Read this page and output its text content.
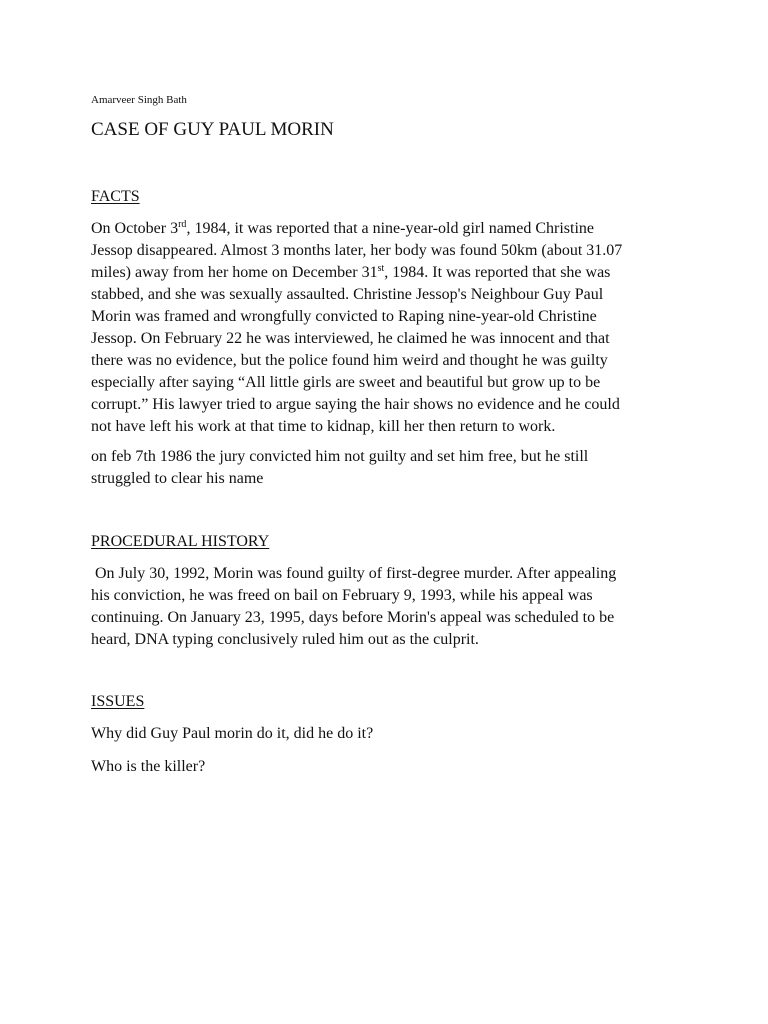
Amarveer Singh Bath
CASE OF GUY PAUL MORIN
FACTS
On October 3rd, 1984, it was reported that a nine-year-old girl named Christine
Jessop disappeared. Almost 3 months later, her body was found 50km (about 31.07
miles) away from her home on December 31st, 1984. It was reported that she was
stabbed, and she was sexually assaulted. Christine Jessop's Neighbour Guy Paul
Morin was framed and wrongfully convicted to Raping nine-year-old Christine
Jessop. On February 22 he was interviewed, he claimed he was innocent and that
there was no evidence, but the police found him weird and thought he was guilty
especially after saying “All little girls are sweet and beautiful but grow up to be
corrupt.” His lawyer tried to argue saying the hair shows no evidence and he could
not have left his work at that time to kidnap, kill her then return to work.
on feb 7th 1986 the jury convicted him not guilty and set him free, but he still
struggled to clear his name
PROCEDURAL HISTORY
On July 30, 1992, Morin was found guilty of first-degree murder. After appealing
his conviction, he was freed on bail on February 9, 1993, while his appeal was
continuing. On January 23, 1995, days before Morin's appeal was scheduled to be
heard, DNA typing conclusively ruled him out as the culprit.
ISSUES
Why did Guy Paul morin do it, did he do it?
Who is the killer?
